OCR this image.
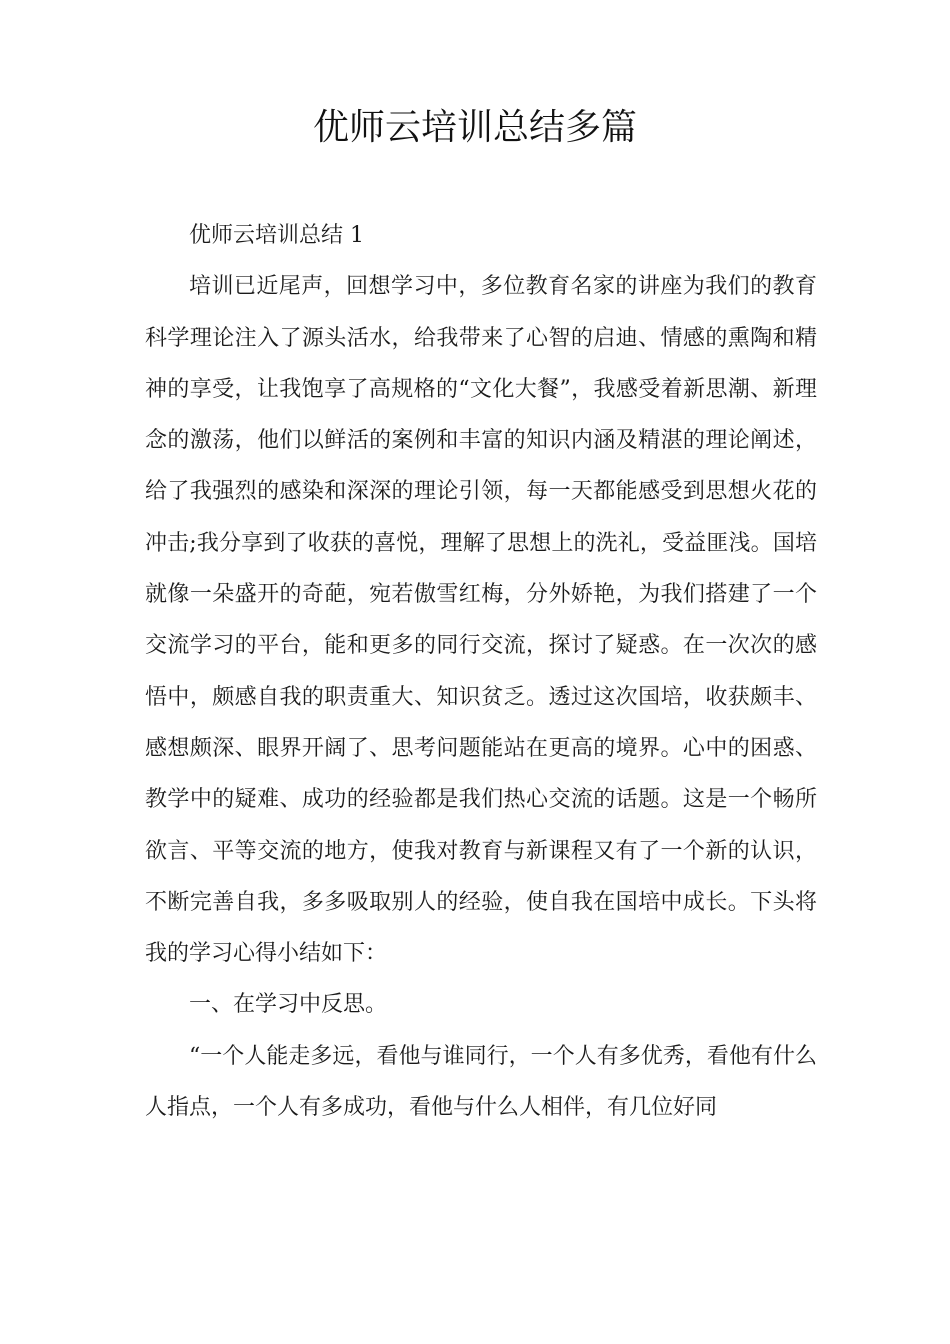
优师云培训总结多篇

优师云培训总结 1

培训已近尾声，回想学习中，多位教育名家的讲座为我们的教育科学理论注入了源头活水，给我带来了心智的启迪、情感的熏陶和精神的享受，让我饱享了高规格的“文化大餐”，我感受着新思潮、新理念的激荡，他们以鲜活的案例和丰富的知识内涵及精湛的理论阐述，给了我强烈的感染和深深的理论引领，每一天都能感受到思想火花的冲击;我分享到了收获的喜悦，理解了思想上的洗礼，受益匪浅。国培就像一朵盛开的奇葩，宛若傲雪红梅，分外娇艳，为我们搭建了一个交流学习的平台，能和更多的同行交流，探讨了疑惑。在一次次的感悟中，颇感自我的职责重大、知识贫乏。透过这次国培，收获颇丰、感想颇深、眼界开阔了、思考问题能站在更高的境界。心中的困惑、教学中的疑难、成功的经验都是我们热心交流的话题。这是一个畅所欲言、平等交流的地方，使我对教育与新课程又有了一个新的认识，不断完善自我，多多吸取别人的经验，使自我在国培中成长。下头将我的学习心得小结如下：

一、在学习中反思。

“一个人能走多远，看他与谁同行，一个人有多优秀，看他有什么人指点，一个人有多成功，看他与什么人相伴，有几位好同
